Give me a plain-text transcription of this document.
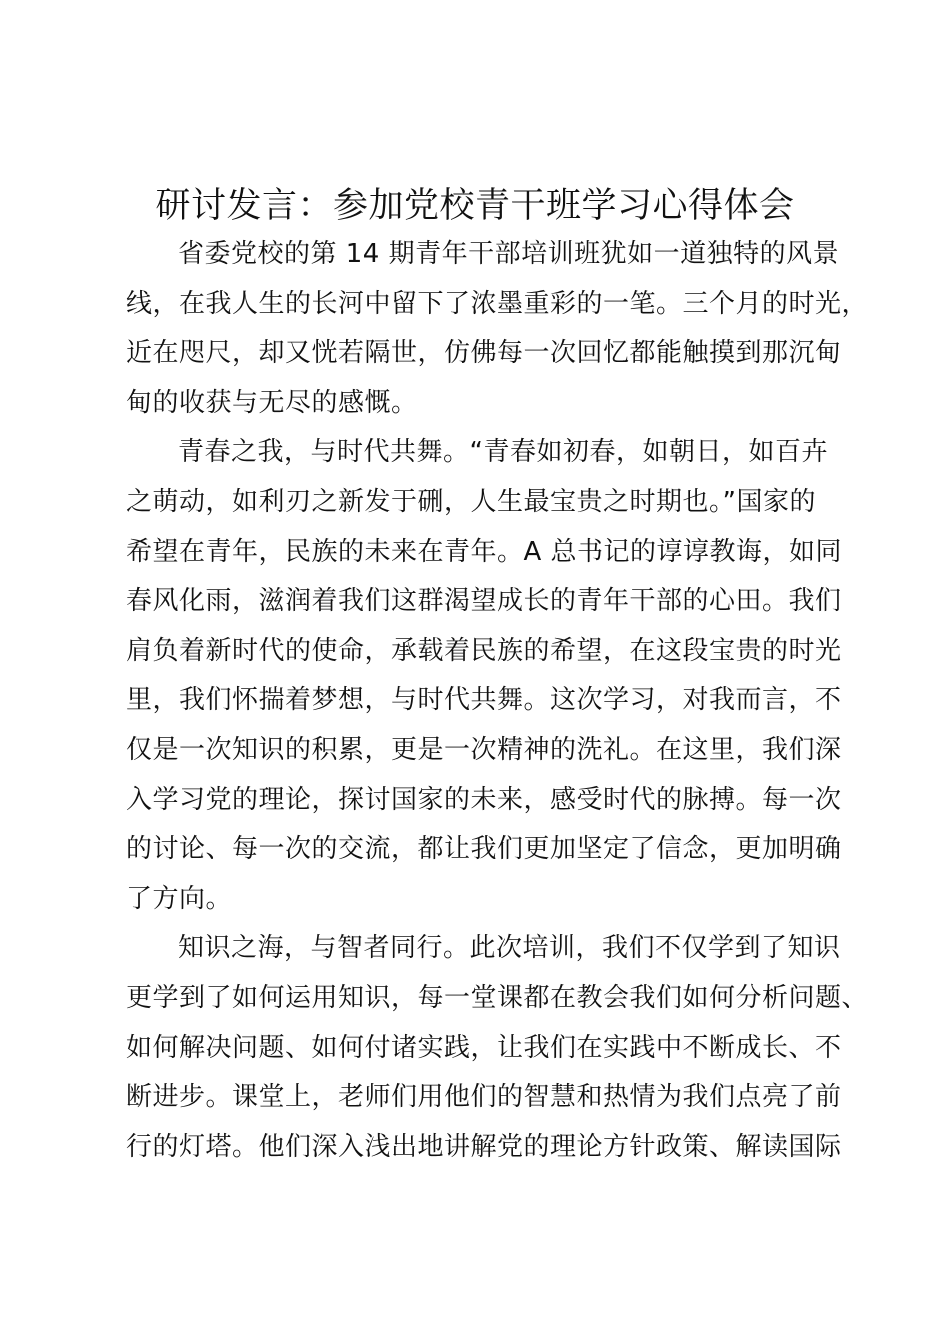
研讨发言：参加党校青干班学习心得体会
省委党校的第 14 期青年干部培训班犹如一道独特的风景
线，在我人生的长河中留下了浓墨重彩的一笔。三个月的时光，
近在咫尺，却又恍若隔世，仿佛每一次回忆都能触摸到那沉甸
甸的收获与无尽的感慨。
青春之我，与时代共舞。“青春如初春，如朝日，如百卉
之萌动，如利刃之新发于硎，人生最宝贵之时期也。”国家的
希望在青年，民族的未来在青年。A 总书记的谆谆教诲，如同
春风化雨，滋润着我们这群渴望成长的青年干部的心田。我们
肩负着新时代的使命，承载着民族的希望，在这段宝贵的时光
里，我们怀揣着梦想，与时代共舞。这次学习，对我而言，不
仅是一次知识的积累，更是一次精神的洗礼。在这里，我们深
入学习党的理论，探讨国家的未来，感受时代的脉搏。每一次
的讨论、每一次的交流，都让我们更加坚定了信念，更加明确
了方向。
知识之海，与智者同行。此次培训，我们不仅学到了知识
更学到了如何运用知识，每一堂课都在教会我们如何分析问题、
如何解决问题、如何付诸实践，让我们在实践中不断成长、不
断进步。课堂上，老师们用他们的智慧和热情为我们点亮了前
行的灯塔。他们深入浅出地讲解党的理论方针政策、解读国际
